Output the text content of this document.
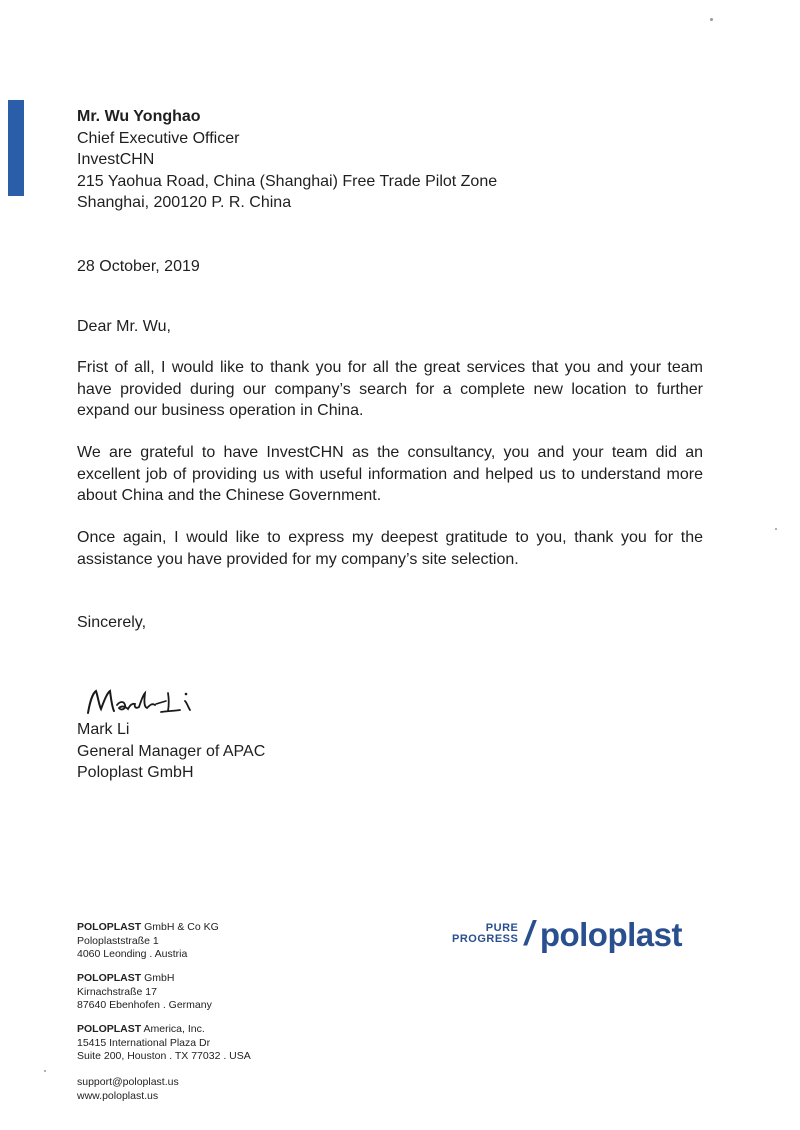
Mr. Wu Yonghao
Chief Executive Officer
InvestCHN
215 Yaohua Road, China (Shanghai) Free Trade Pilot Zone
Shanghai, 200120 P. R. China
28 October, 2019
Dear Mr. Wu,

Frist of all, I would like to thank you for all the great services that you and your team have provided during our company’s search for a complete new location to further expand our business operation in China.

We are grateful to have InvestCHN as the consultancy, you and your team did an excellent job of providing us with useful information and helped us to understand more about China and the Chinese Government.

Once again, I would like to express my deepest gratitude to you, thank you for the assistance you have provided for my company’s site selection.

Sincerely,
Mark Li
General Manager of APAC
Poloplast GmbH
POLOPLAST GmbH & Co KG
Poloplaststraße 1
4060 Leonding . Austria
POLOPLAST GmbH
Kirnachstraße 17
87640 Ebenhofen . Germany
POLOPLAST America, Inc.
15415 International Plaza Dr
Suite 200, Houston . TX 77032 . USA
support@poloplast.us
www.poloplast.us
PURE
PROGRESS / poloplast
